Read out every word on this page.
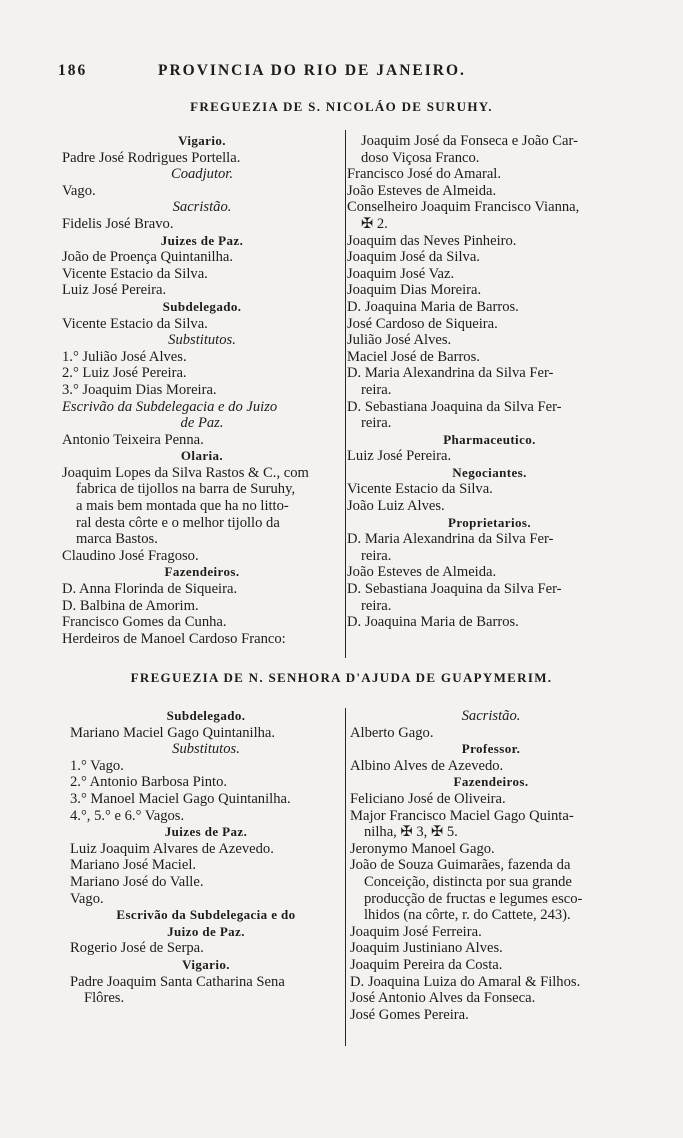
186	PROVINCIA DO RIO DE JANEIRO.
FREGUEZIA DE S. NICOLÁO DE SURUHY.
Vigario.
Padre José Rodrigues Portella.
Coadjutor.
Vago.
Sacristão.
Fidelis José Bravo.
Juizes de Paz.
João de Proença Quintanilha.
Vicente Estacio da Silva.
Luiz José Pereira.
Subdelegado.
Vicente Estacio da Silva.
Substitutos.
1.° Julião José Alves.
2.° Luiz José Pereira.
3.° Joaquim Dias Moreira.
Escrivão da Subdelegacia e do Juizo
de Paz.
Antonio Teixeira Penna.
Olaria.
Joaquim Lopes da Silva Rastos & C., com
fabrica de tijollos na barra de Suruhy,
a mais bem montada que ha no litto-
ral desta côrte e o melhor tijollo da
marca Bastos.
Claudino José Fragoso.
Fazendeiros.
D. Anna Florinda de Siqueira.
D. Balbina de Amorim.
Francisco Gomes da Cunha.
Herdeiros de Manoel Cardoso Franco:
Joaquim José da Fonseca e João Car-
doso Viçosa Franco.
Francisco José do Amaral.
João Esteves de Almeida.
Conselheiro Joaquim Francisco Vianna,
✠ 2.
Joaquim das Neves Pinheiro.
Joaquim José da Silva.
Joaquim José Vaz.
Joaquim Dias Moreira.
D. Joaquina Maria de Barros.
José Cardoso de Siqueira.
Julião José Alves.
Maciel José de Barros.
D. Maria Alexandrina da Silva Fer-
reira.
D. Sebastiana Joaquina da Silva Fer-
reira.
Pharmaceutico.
Luiz José Pereira.
Negociantes.
Vicente Estacio da Silva.
João Luiz Alves.
Proprietarios.
D. Maria Alexandrina da Silva Fer-
reira.
João Esteves de Almeida.
D. Sebastiana Joaquina da Silva Fer-
reira.
D. Joaquina Maria de Barros.
FREGUEZIA DE N. SENHORA D'AJUDA DE GUAPYMERIM.
Subdelegado.
Mariano Maciel Gago Quintanilha.
Substitutos.
1.° Vago.
2.° Antonio Barbosa Pinto.
3.° Manoel Maciel Gago Quintanilha.
4.°, 5.° e 6.° Vagos.
Juizes de Paz.
Luiz Joaquim Alvares de Azevedo.
Mariano José Maciel.
Mariano José do Valle.
Vago.
Escrivão da Subdelegacia e do
Juizo de Paz.
Rogerio José de Serpa.
Vigario.
Padre Joaquim Santa Catharina Sena
Flôres.
Sacristão.
Alberto Gago.
Professor.
Albino Alves de Azevedo.
Fazendeiros.
Feliciano José de Oliveira.
Major Francisco Maciel Gago Quinta-
nilha, ✠ 3, ✠ 5.
Jeronymo Manoel Gago.
João de Souza Guimarães, fazenda da
Conceição, distincta por sua grande
producção de fructas e legumes esco-
lhidos (na côrte, r. do Cattete, 243).
Joaquim José Ferreira.
Joaquim Justiniano Alves.
Joaquim Pereira da Costa.
D. Joaquina Luiza do Amaral & Filhos.
José Antonio Alves da Fonseca.
José Gomes Pereira.
